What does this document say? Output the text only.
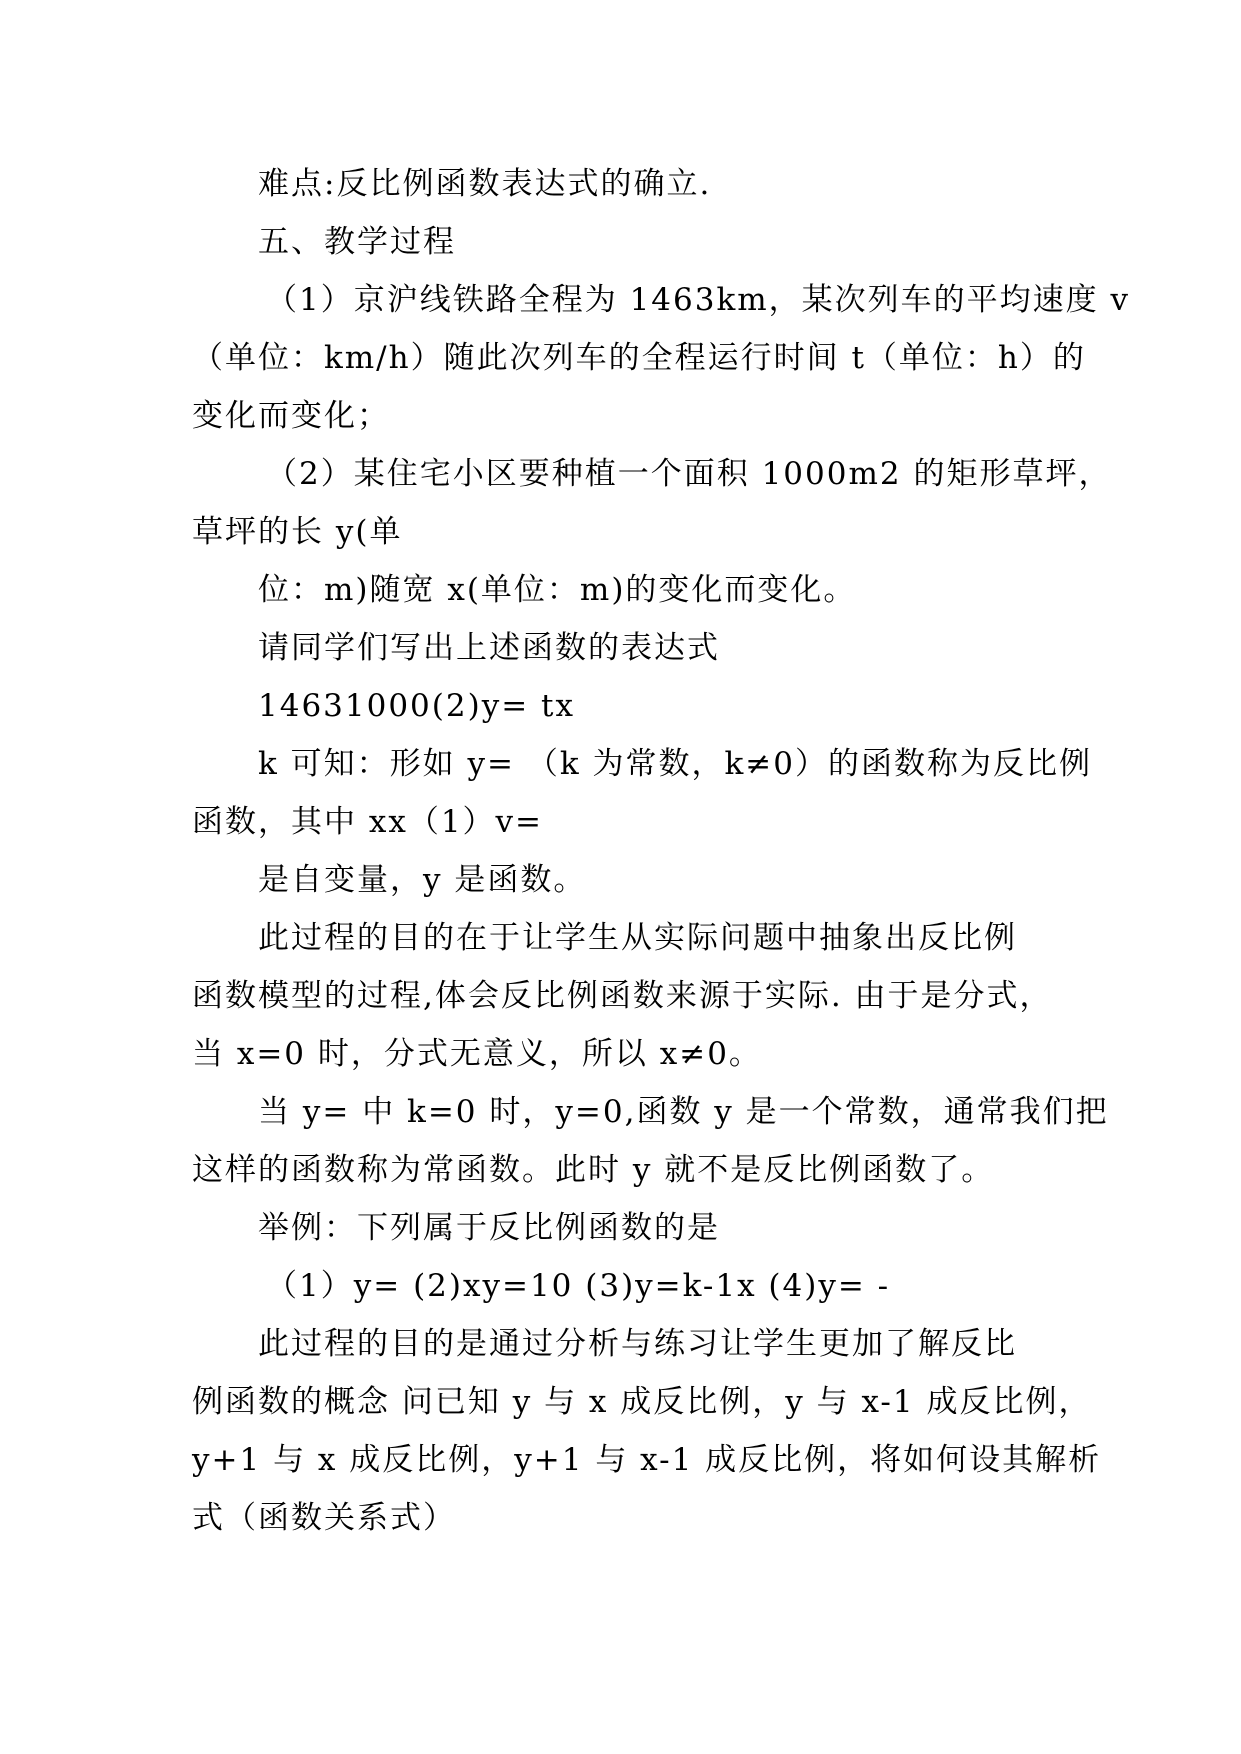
难点:反比例函数表达式的确立.
五、教学过程
（1）京沪线铁路全程为 1463km，某次列车的平均速度 v
（单位：km/h）随此次列车的全程运行时间 t（单位：h）的
变化而变化；
（2）某住宅小区要种植一个面积 1000m2 的矩形草坪，
草坪的长 y(单
位：m)随宽 x(单位：m)的变化而变化。
请同学们写出上述函数的表达式
14631000(2)y= tx
k 可知：形如 y= （k 为常数，k≠0）的函数称为反比例
函数，其中 xx（1）v=
是自变量，y 是函数。
此过程的目的在于让学生从实际问题中抽象出反比例
函数模型的过程,体会反比例函数来源于实际. 由于是分式，
当 x=0 时，分式无意义，所以 x≠0。
当 y= 中 k=0 时，y=0,函数 y 是一个常数，通常我们把
这样的函数称为常函数。此时 y 就不是反比例函数了。
举例：下列属于反比例函数的是
（1）y= (2)xy=10 (3)y=k-1x (4)y= -
此过程的目的是通过分析与练习让学生更加了解反比
例函数的概念 问已知 y 与 x 成反比例，y 与 x-1 成反比例，
y+1 与 x 成反比例，y+1 与 x-1 成反比例，将如何设其解析
式（函数关系式）
